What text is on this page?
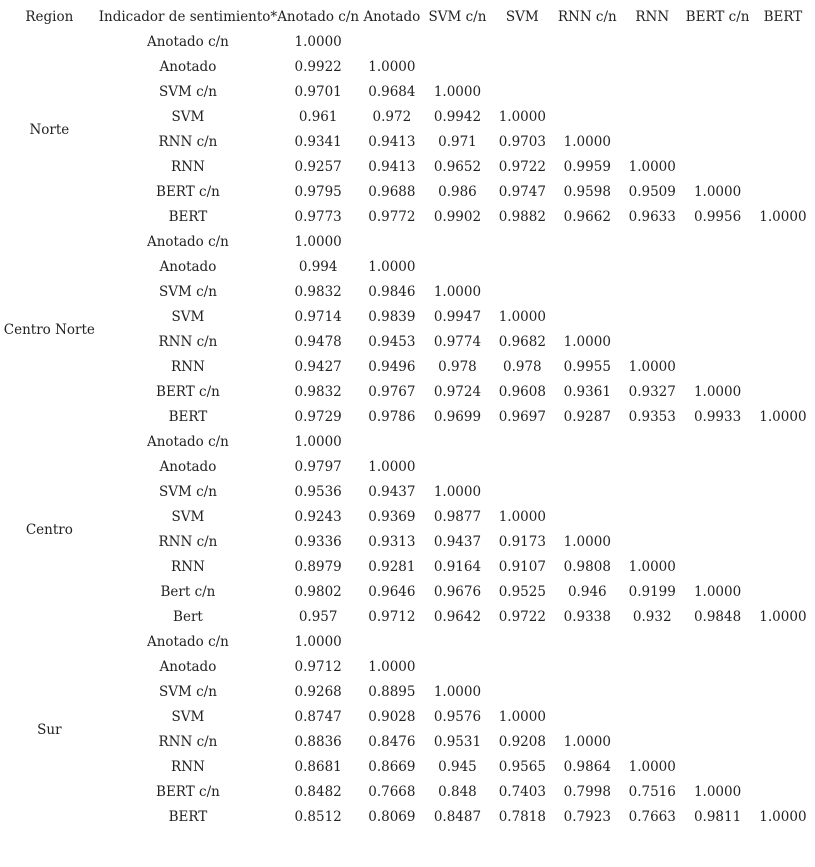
Region	Indicador de sentimiento*	Anotado c/n	Anotado	SVM c/n	SVM	RNN c/n	RNN	BERT c/n	BERT
Norte	Anotado c/n	1.0000							
	Anotado	0.9922	1.0000						
	SVM c/n	0.9701	0.9684	1.0000					
	SVM	0.961	0.972	0.9942	1.0000				
	RNN c/n	0.9341	0.9413	0.971	0.9703	1.0000			
	RNN	0.9257	0.9413	0.9652	0.9722	0.9959	1.0000		
	BERT c/n	0.9795	0.9688	0.986	0.9747	0.9598	0.9509	1.0000	
	BERT	0.9773	0.9772	0.9902	0.9882	0.9662	0.9633	0.9956	1.0000
Centro Norte	Anotado c/n	1.0000							
	Anotado	0.994	1.0000						
	SVM c/n	0.9832	0.9846	1.0000					
	SVM	0.9714	0.9839	0.9947	1.0000				
	RNN c/n	0.9478	0.9453	0.9774	0.9682	1.0000			
	RNN	0.9427	0.9496	0.978	0.978	0.9955	1.0000		
	BERT c/n	0.9832	0.9767	0.9724	0.9608	0.9361	0.9327	1.0000	
	BERT	0.9729	0.9786	0.9699	0.9697	0.9287	0.9353	0.9933	1.0000
Centro	Anotado c/n	1.0000							
	Anotado	0.9797	1.0000						
	SVM c/n	0.9536	0.9437	1.0000					
	SVM	0.9243	0.9369	0.9877	1.0000				
	RNN c/n	0.9336	0.9313	0.9437	0.9173	1.0000			
	RNN	0.8979	0.9281	0.9164	0.9107	0.9808	1.0000		
	Bert c/n	0.9802	0.9646	0.9676	0.9525	0.946	0.9199	1.0000	
	Bert	0.957	0.9712	0.9642	0.9722	0.9338	0.932	0.9848	1.0000
Sur	Anotado c/n	1.0000							
	Anotado	0.9712	1.0000						
	SVM c/n	0.9268	0.8895	1.0000					
	SVM	0.8747	0.9028	0.9576	1.0000				
	RNN c/n	0.8836	0.8476	0.9531	0.9208	1.0000			
	RNN	0.8681	0.8669	0.945	0.9565	0.9864	1.0000		
	BERT c/n	0.8482	0.7668	0.848	0.7403	0.7998	0.7516	1.0000	
	BERT	0.8512	0.8069	0.8487	0.7818	0.7923	0.7663	0.9811	1.0000
